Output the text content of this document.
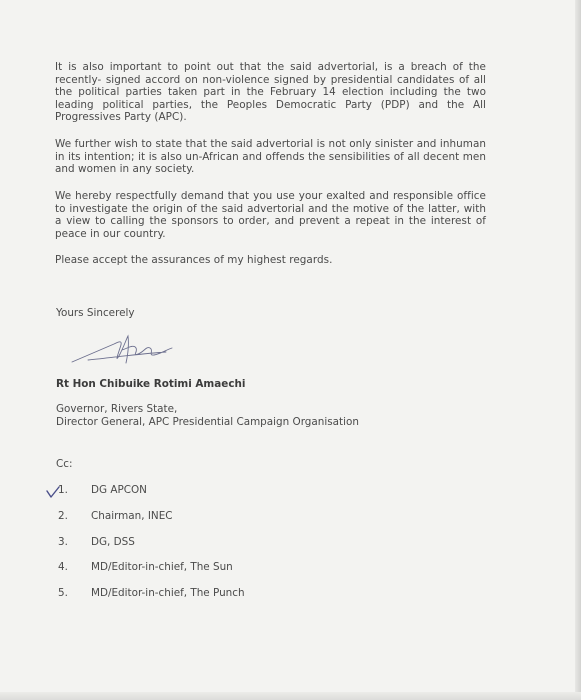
It is also important to point out that the said advertorial, is a breach of the recently- signed accord on non-violence signed by presidential candidates of all the political parties taken part in the February 14 election including the two leading political parties, the Peoples Democratic Party (PDP) and the All Progressives Party (APC).

We further wish to state that the said advertorial is not only sinister and inhuman in its intention; it is also un-African and offends the sensibilities of all decent men and women in any society.

We hereby respectfully demand that you use your exalted and responsible office to investigate the origin of the said advertorial and the motive of the latter, with a view to calling the sponsors to order, and prevent a repeat in the interest of peace in our country.

Please accept the assurances of my highest regards.

Yours Sincerely
Rt Hon Chibuike Rotimi Amaechi
Governor, Rivers State,
Director General, APC Presidential Campaign Organisation
Cc:
1. DG APCON
2. Chairman, INEC
3. DG, DSS
4. MD/Editor-in-chief, The Sun
5. MD/Editor-in-chief, The Punch
